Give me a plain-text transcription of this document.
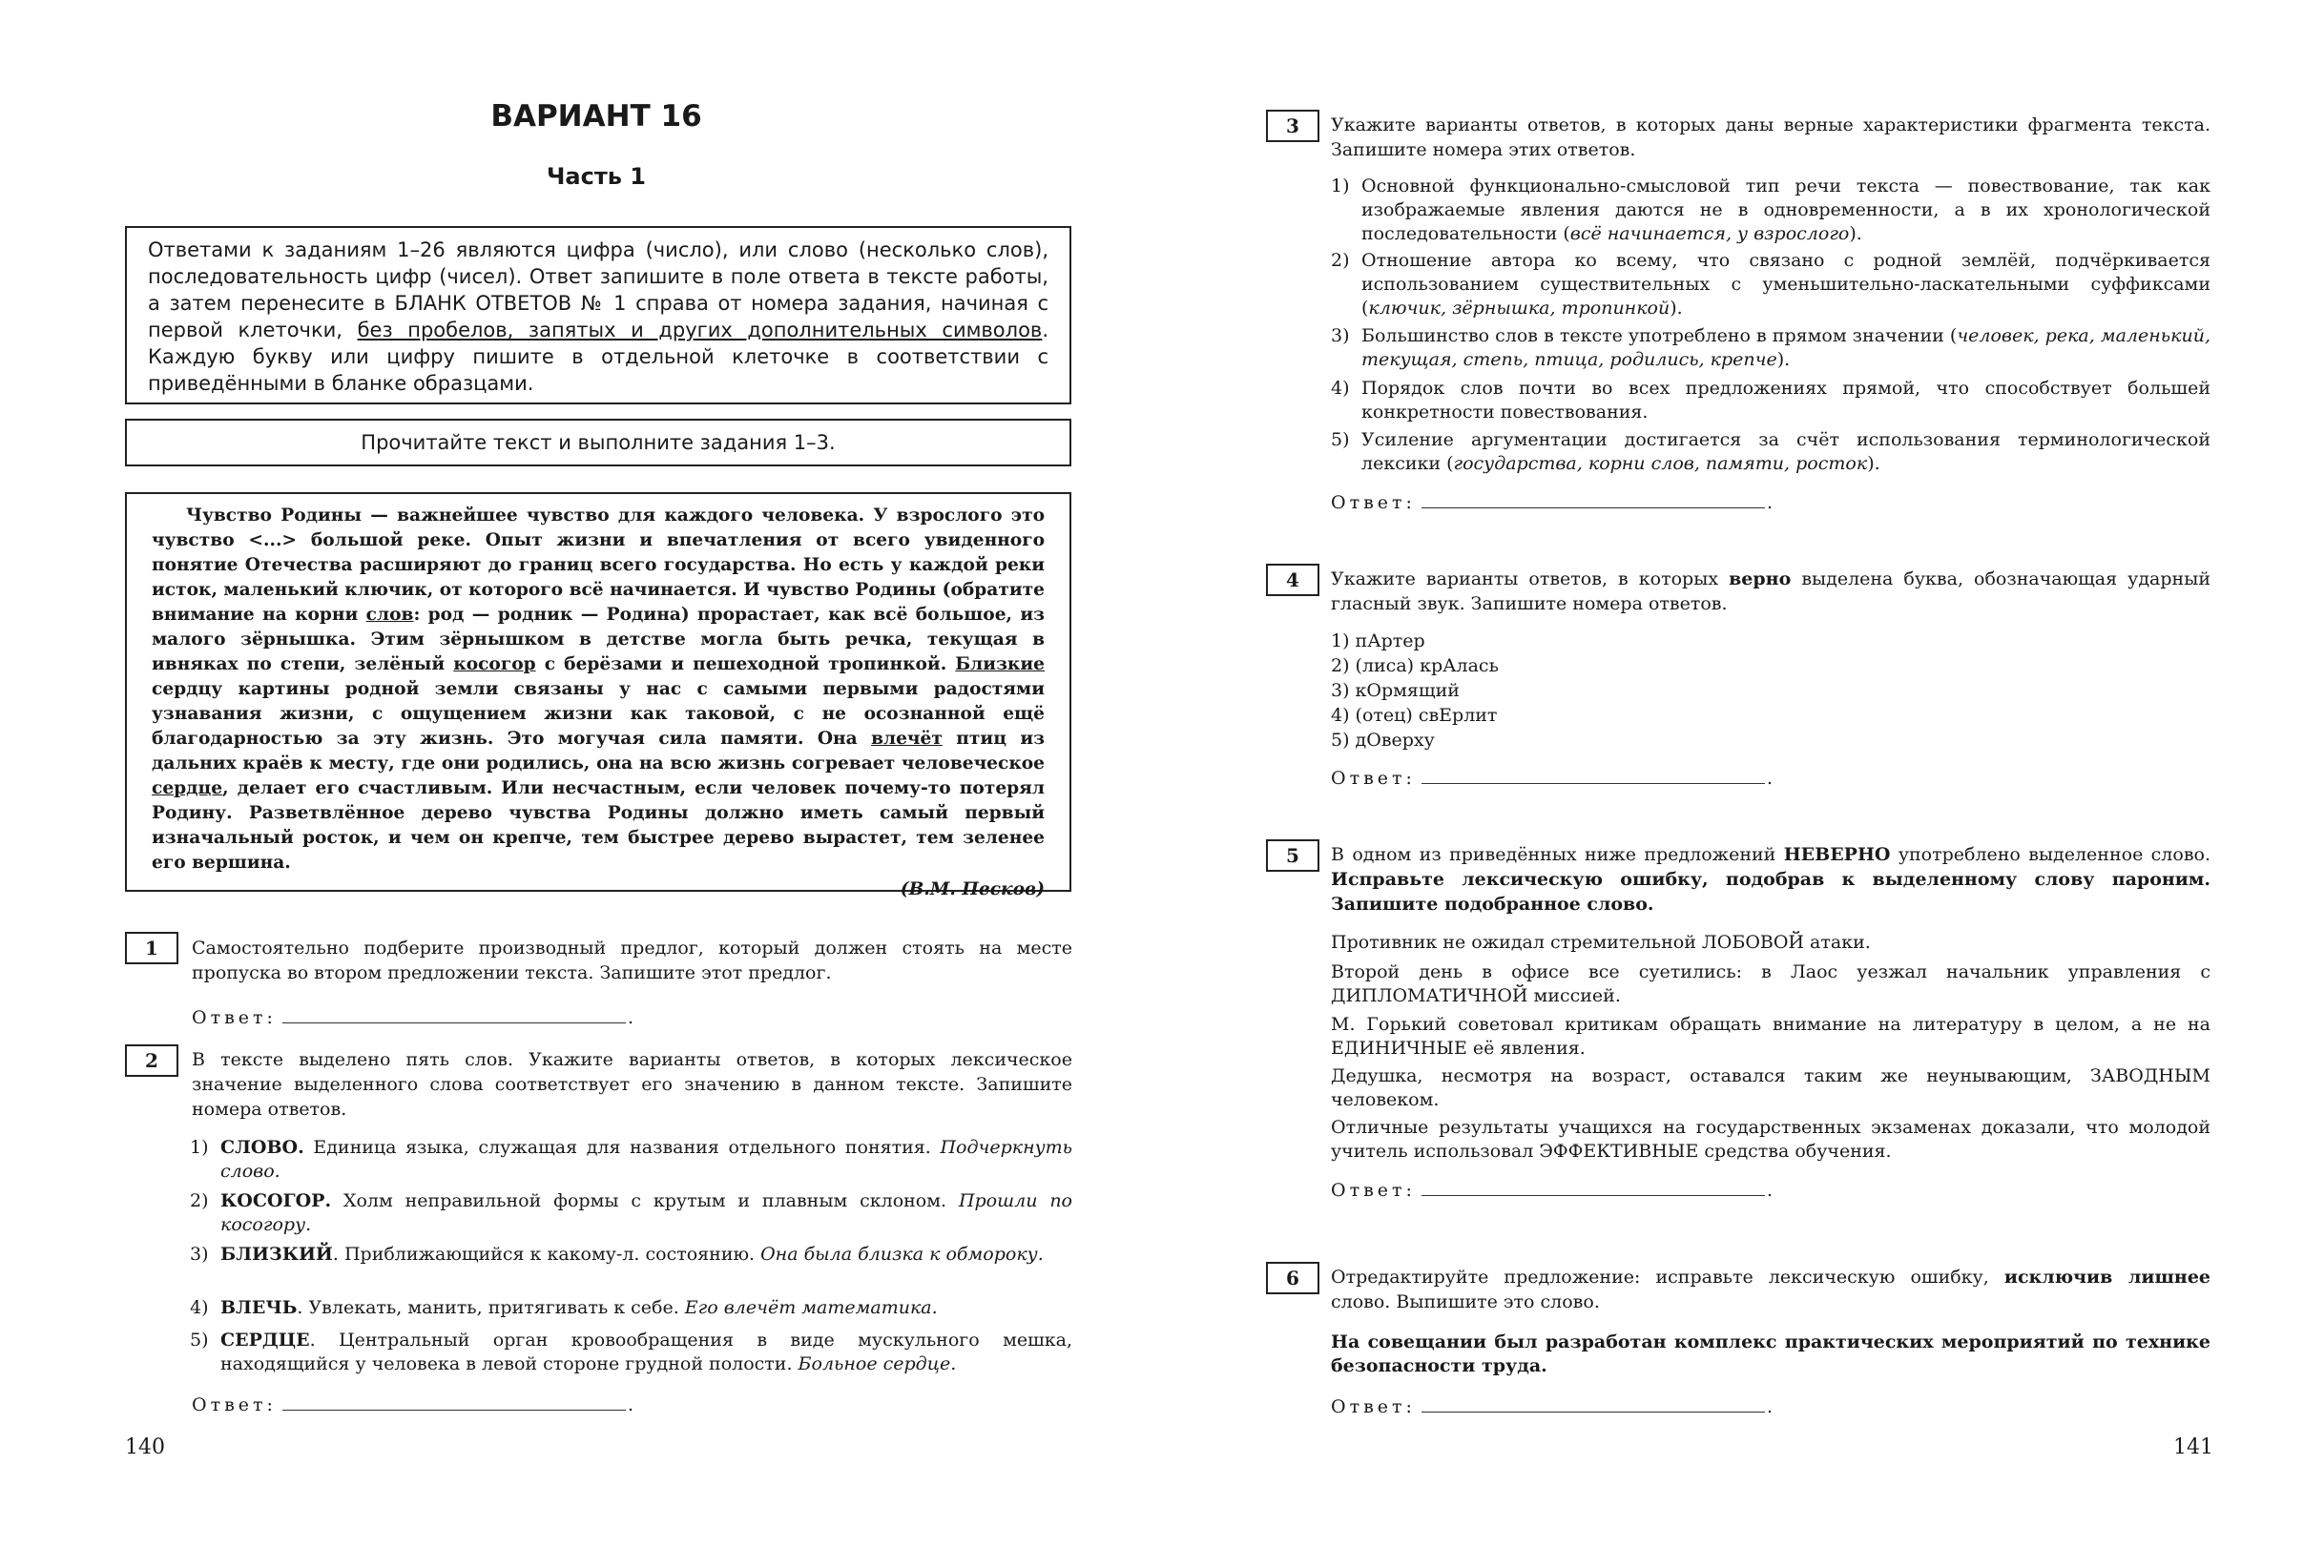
ВАРИАНТ 16
Часть 1
Ответами к заданиям 1–26 являются цифра (число), или слово (несколько слов), последовательность цифр (чисел). Ответ запишите в поле ответа в тексте работы, а затем перенесите в БЛАНК ОТВЕТОВ № 1 справа от номера задания, начиная с первой клеточки, без пробелов, запятых и других дополнительных символов. Каждую букву или цифру пишите в отдельной клеточке в соответствии с приведёнными в бланке образцами.
Прочитайте текст и выполните задания 1–3.

Чувство Родины — важнейшее чувство для каждого человека. У взрослого это чувство <...> большой реке. Опыт жизни и впечатления от всего увиденного понятие Отечества расширяют до границ всего государства. Но есть у каждой реки исток, маленький ключик, от которого всё начинается. И чувство Родины (обратите внимание на корни слов: род — родник — Родина) прорастает, как всё большое, из малого зёрнышка. Этим зёрнышком в детстве могла быть речка, текущая в ивняках по степи, зелёный косогор с берёзами и пешеходной тропинкой. Близкие сердцу картины родной земли связаны у нас с самыми первыми радостями узнавания жизни, с ощущением жизни как таковой, с не осознанной ещё благодарностью за эту жизнь. Это могучая сила памяти. Она влечёт птиц из дальних краёв к месту, где они родились, она на всю жизнь согревает человеческое сердце, делает его счастливым. Или несчастным, если человек почему-то потерял Родину. Разветвлённое дерево чувства Родины должно иметь самый первый изначальный росток, и чем он крепче, тем быстрее дерево вырастет, тем зеленее его вершина.

(В.М. Песков)
1	Самостоятельно подберите производный предлог, который должен стоять на месте пропуска во втором предложении текста. Запишите этот предлог.
Ответ:	.
2	В тексте выделено пять слов. Укажите варианты ответов, в которых лексическое значение выделенного слова соответствует его значению в данном тексте. Запишите номера ответов.
1) СЛОВО. Единица языка, служащая для названия отдельного понятия. Подчеркнуть слово.
2) КОСОГОР. Холм неправильной формы с крутым и плавным склоном. Прошли по косогору.
3) БЛИЗКИЙ. Приближающийся к какому-л. состоянию. Она была близка к обмороку.
4) ВЛЕЧЬ. Увлекать, манить, притягивать к себе. Его влечёт математика.
5) СЕРДЦЕ. Центральный орган кровообращения в виде мускульного мешка, находящийся у человека в левой стороне грудной полости. Больное сердце.
Ответ:	.
140
3	Укажите варианты ответов, в которых даны верные характеристики фрагмента текста. Запишите номера этих ответов.
1) Основной функционально-смысловой тип речи текста — повествование, так как изображаемые явления даются не в одновременности, а в их хронологической последовательности (всё начинается, у взрослого).
2) Отношение автора ко всему, что связано с родной землёй, подчёркивается использованием существительных с уменьшительно-ласкательными суффиксами (ключик, зёрнышка, тропинкой).
3) Большинство слов в тексте употреблено в прямом значении (человек, река, маленький, текущая, степь, птица, родились, крепче).
4) Порядок слов почти во всех предложениях прямой, что способствует большей конкретности повествования.
5) Усиление аргументации достигается за счёт использования терминологической лексики (государства, корни слов, памяти, росток).
Ответ:	.
4	Укажите варианты ответов, в которых верно выделена буква, обозначающая ударный гласный звук. Запишите номера ответов.
1) пАртер
2) (лиса) крАлась
3) кОрмящий
4) (отец) свЕрлит
5) дОверху
Ответ:	.
5	В одном из приведённых ниже предложений НЕВЕРНО употреблено выделенное слово. Исправьте лексическую ошибку, подобрав к выделенному слову пароним. Запишите подобранное слово.
Противник не ожидал стремительной ЛОБОВОЙ атаки.
Второй день в офисе все суетились: в Лаос уезжал начальник управления с ДИПЛОМАТИЧНОЙ миссией.
М. Горький советовал критикам обращать внимание на литературу в целом, а не на ЕДИНИЧНЫЕ её явления.
Дедушка, несмотря на возраст, оставался таким же неунывающим, ЗАВОДНЫМ человеком.
Отличные результаты учащихся на государственных экзаменах доказали, что молодой учитель использовал ЭФФЕКТИВНЫЕ средства обучения.
Ответ:	.
6	Отредактируйте предложение: исправьте лексическую ошибку, исключив лишнее слово. Выпишите это слово.
На совещании был разработан комплекс практических мероприятий по технике безопасности труда.
Ответ:	.
141
